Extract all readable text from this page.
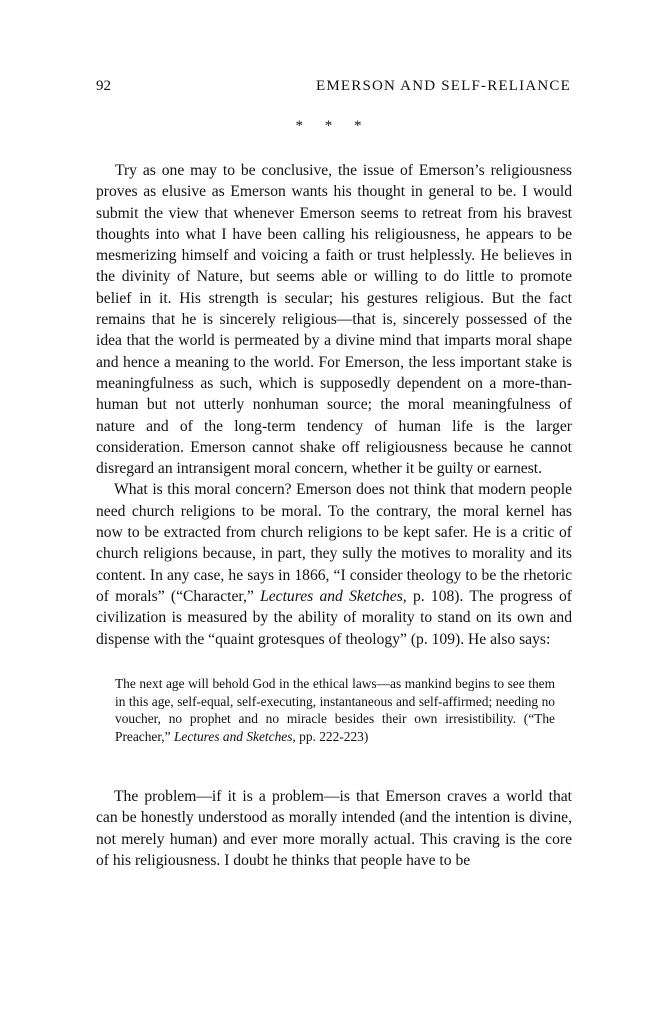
92	EMERSON AND SELF-RELIANCE
* * *

Try as one may to be conclusive, the issue of Emerson’s religiousness proves as elusive as Emerson wants his thought in general to be. I would submit the view that whenever Emerson seems to retreat from his bravest thoughts into what I have been calling his religiousness, he appears to be mesmerizing himself and voicing a faith or trust helplessly. He believes in the divinity of Nature, but seems able or willing to do little to promote belief in it. His strength is secular; his gestures religious. But the fact remains that he is sincerely religious—that is, sincerely possessed of the idea that the world is permeated by a divine mind that imparts moral shape and hence a meaning to the world. For Emerson, the less important stake is meaningfulness as such, which is supposedly dependent on a more-than-human but not utterly nonhuman source; the moral meaningfulness of nature and of the long-term tendency of human life is the larger consideration. Emerson cannot shake off religiousness because he cannot disregard an intransigent moral concern, whether it be guilty or earnest.

What is this moral concern? Emerson does not think that modern people need church religions to be moral. To the contrary, the moral kernel has now to be extracted from church religions to be kept safer. He is a critic of church religions because, in part, they sully the motives to morality and its content. In any case, he says in 1866, “I consider theology to be the rhetoric of morals” (“Character,” Lectures and Sketches, p. 108). The progress of civilization is measured by the ability of morality to stand on its own and dispense with the “quaint grotesques of theology” (p. 109). He also says:

The next age will behold God in the ethical laws—as mankind begins to see them in this age, self-equal, self-executing, instantaneous and self-affirmed; needing no voucher, no prophet and no miracle besides their own irresistibility. (“The Preacher,” Lectures and Sketches, pp. 222-223)

The problem—if it is a problem—is that Emerson craves a world that can be honestly understood as morally intended (and the intention is divine, not merely human) and ever more morally actual. This craving is the core of his religiousness. I doubt he thinks that people have to be
